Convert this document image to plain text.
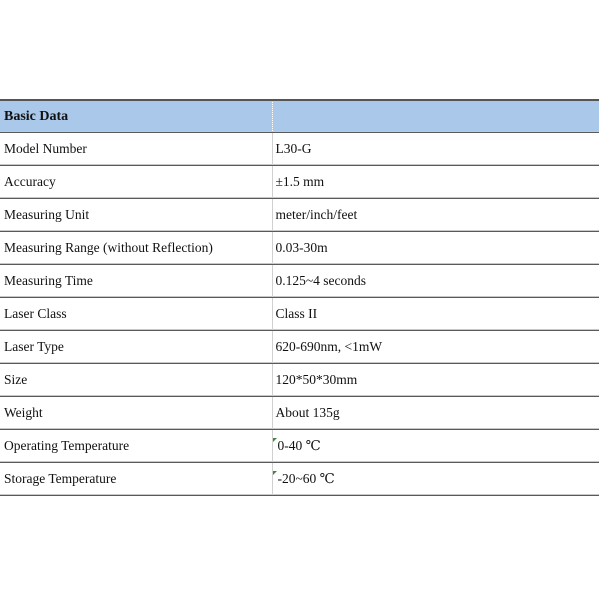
Basic Data	
Model Number	L30-G
Accuracy	±1.5 mm
Measuring Unit	meter/inch/feet
Measuring Range (without Reflection)	0.03-30m
Measuring Time	0.125~4 seconds
Laser Class	Class II
Laser Type	620-690nm, <1mW
Size	120*50*30mm
Weight	About 135g
Operating Temperature	0-40 ℃
Storage Temperature	-20~60 ℃
